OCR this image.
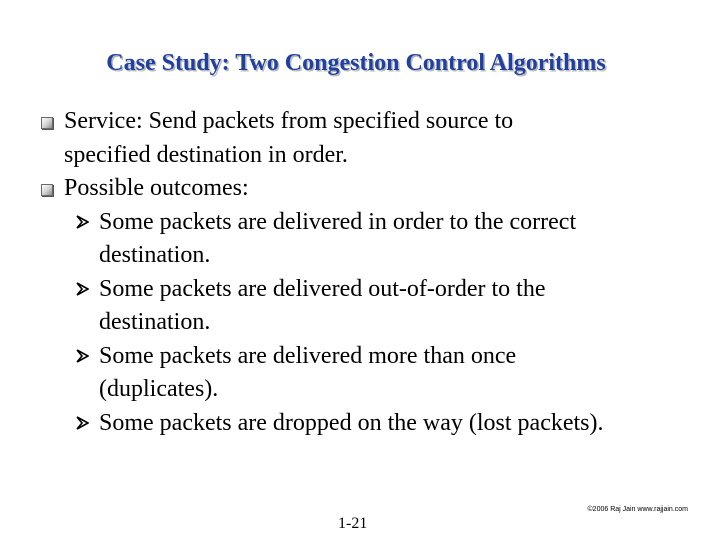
Case Study: Two Congestion Control Algorithms
Service: Send packets from specified source to
specified destination in order.
Possible outcomes:
Some packets are delivered in order to the correct
destination.
Some packets are delivered out-of-order to the
destination.
Some packets are delivered more than once
(duplicates).
Some packets are dropped on the way (lost packets).
©2006 Raj Jain www.rajjain.com
1-21
